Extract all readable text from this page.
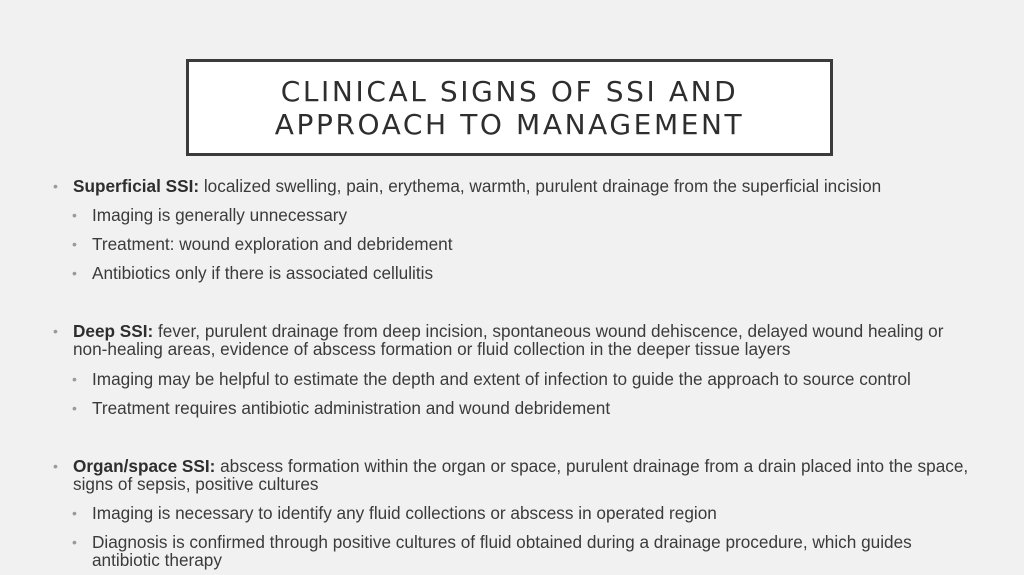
CLINICAL SIGNS OF SSI AND
APPROACH TO MANAGEMENT
• Superficial SSI: localized swelling, pain, erythema, warmth, purulent drainage from the superficial incision
• Imaging is generally unnecessary
• Treatment: wound exploration and debridement
• Antibiotics only if there is associated cellulitis
• Deep SSI: fever, purulent drainage from deep incision, spontaneous wound dehiscence, delayed wound healing or non-healing areas, evidence of abscess formation or fluid collection in the deeper tissue layers
• Imaging may be helpful to estimate the depth and extent of infection to guide the approach to source control
• Treatment requires antibiotic administration and wound debridement
• Organ/space SSI: abscess formation within the organ or space, purulent drainage from a drain placed into the space, signs of sepsis, positive cultures
• Imaging is necessary to identify any fluid collections or abscess in operated region
• Diagnosis is confirmed through positive cultures of fluid obtained during a drainage procedure, which guides antibiotic therapy
